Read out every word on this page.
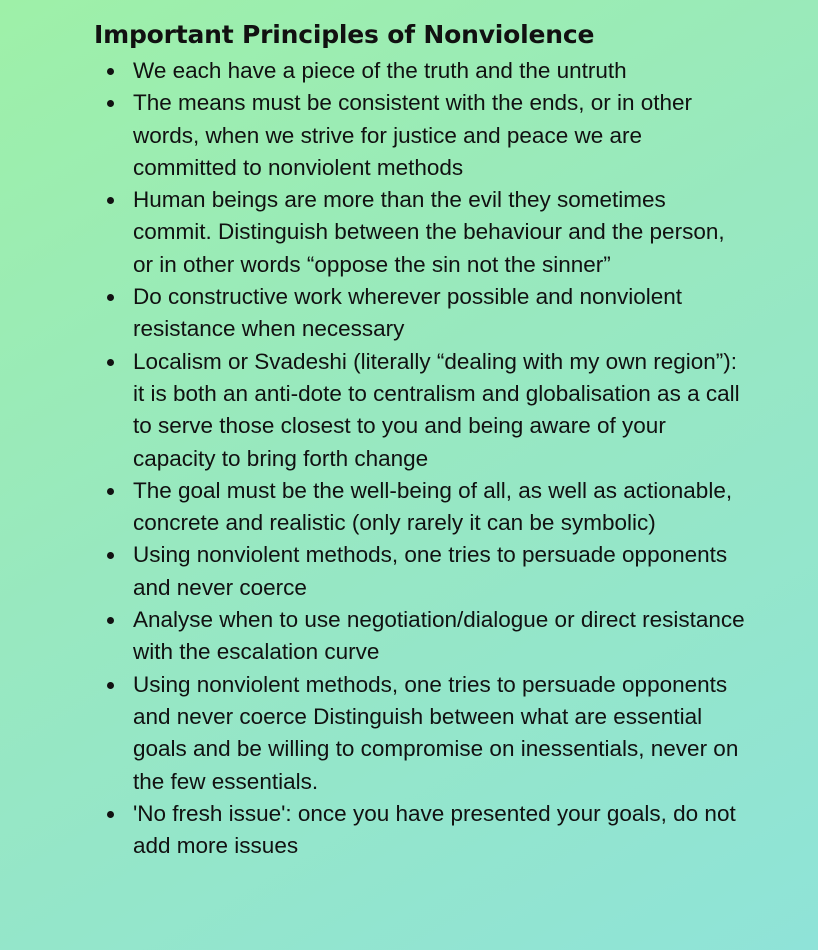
Important Principles of Nonviolence
We each have a piece of the truth and the untruth
The means must be consistent with the ends, or in other words, when we strive for justice and peace we are committed to nonviolent methods
Human beings are more than the evil they sometimes commit. Distinguish between the behaviour and the person, or in other words “oppose the sin not the sinner”
Do constructive work wherever possible and nonviolent resistance when necessary
Localism or Svadeshi (literally “dealing with my own region”): it is both an anti-dote to centralism and globalisation as a call to serve those closest to you and being aware of your capacity to bring forth change
The goal must be the well-being of all, as well as actionable, concrete and realistic (only rarely it can be symbolic)
Using nonviolent methods, one tries to persuade opponents and never coerce
Analyse when to use negotiation/dialogue or direct resistance with the escalation curve
Using nonviolent methods, one tries to persuade opponents and never coerce Distinguish between what are essential goals and be willing to compromise on inessentials, never on the few essentials.
'No fresh issue': once you have presented your goals, do not add more issues
